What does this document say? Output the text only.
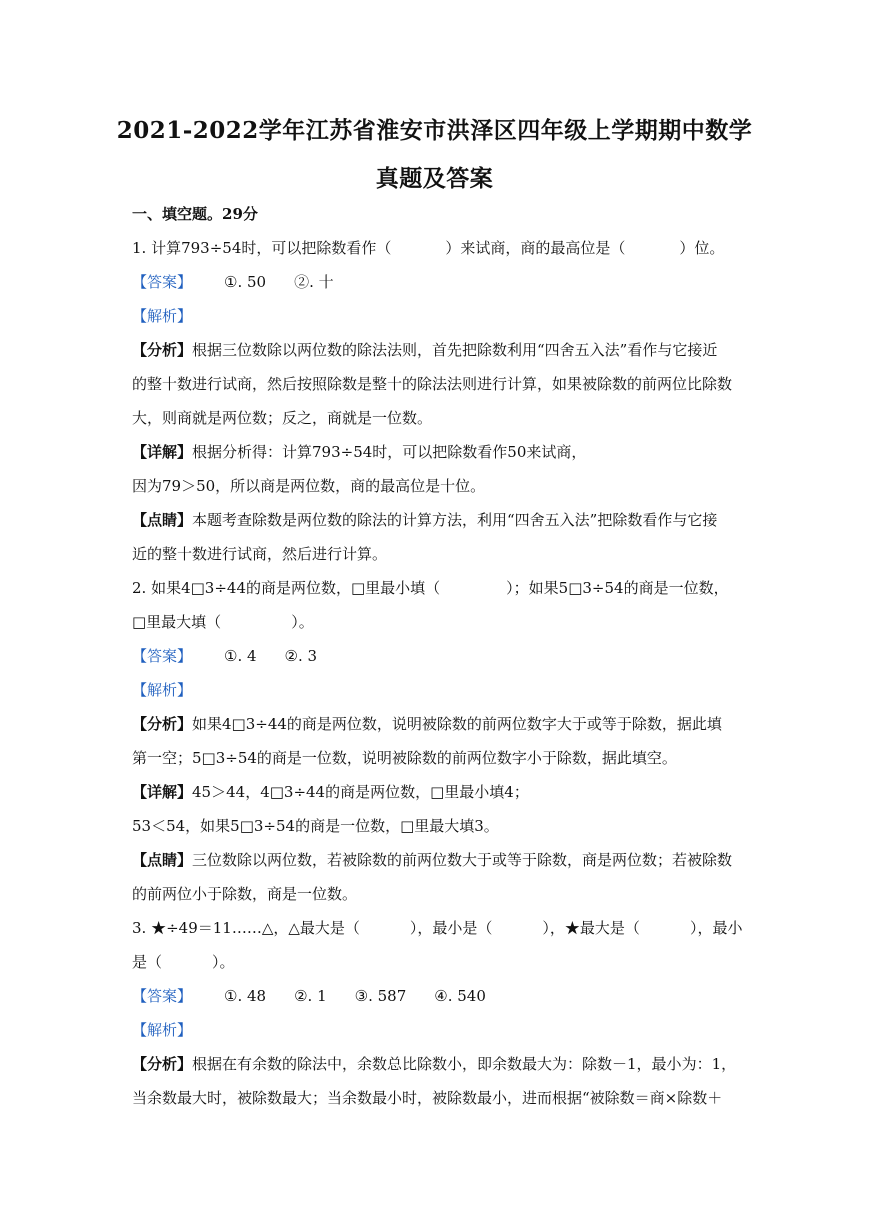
2021-2022学年江苏省淮安市洪泽区四年级上学期期中数学
真题及答案
一、填空题。29分
1. 计算793÷54时，可以把除数看作（	）来试商，商的最高位是（	）位。
【答案】 ①. 50 ②. 十
【解析】
【分析】根据三位数除以两位数的除法法则，首先把除数利用“四舍五入法”看作与它接近
的整十数进行试商，然后按照除数是整十的除法法则进行计算，如果被除数的前两位比除数
大，则商就是两位数；反之，商就是一位数。
【详解】根据分析得：计算793÷54时，可以把除数看作50来试商，
因为79＞50，所以商是两位数，商的最高位是十位。
【点睛】本题考查除数是两位数的除法的计算方法，利用“四舍五入法”把除数看作与它接
近的整十数进行试商，然后进行计算。
2. 如果4□3÷44的商是两位数，□里最小填（	）；如果5□3÷54的商是一位数，
□里最大填（	）。
【答案】 ①. 4 ②. 3
【解析】
【分析】如果4□3÷44的商是两位数，说明被除数的前两位数字大于或等于除数，据此填
第一空；5□3÷54的商是一位数，说明被除数的前两位数字小于除数，据此填空。
【详解】45＞44，4□3÷44的商是两位数，□里最小填4；
53＜54，如果5□3÷54的商是一位数，□里最大填3。
【点睛】三位数除以两位数，若被除数的前两位数大于或等于除数，商是两位数；若被除数
的前两位小于除数，商是一位数。
3. ★÷49＝11……△，△最大是（	），最小是（	），★最大是（	），最小
是（	）。
【答案】 ①. 48 ②. 1 ③. 587 ④. 540
【解析】
【分析】根据在有余数的除法中，余数总比除数小，即余数最大为：除数－1，最小为：1，
当余数最大时，被除数最大；当余数最小时，被除数最小，进而根据“被除数＝商×除数＋
